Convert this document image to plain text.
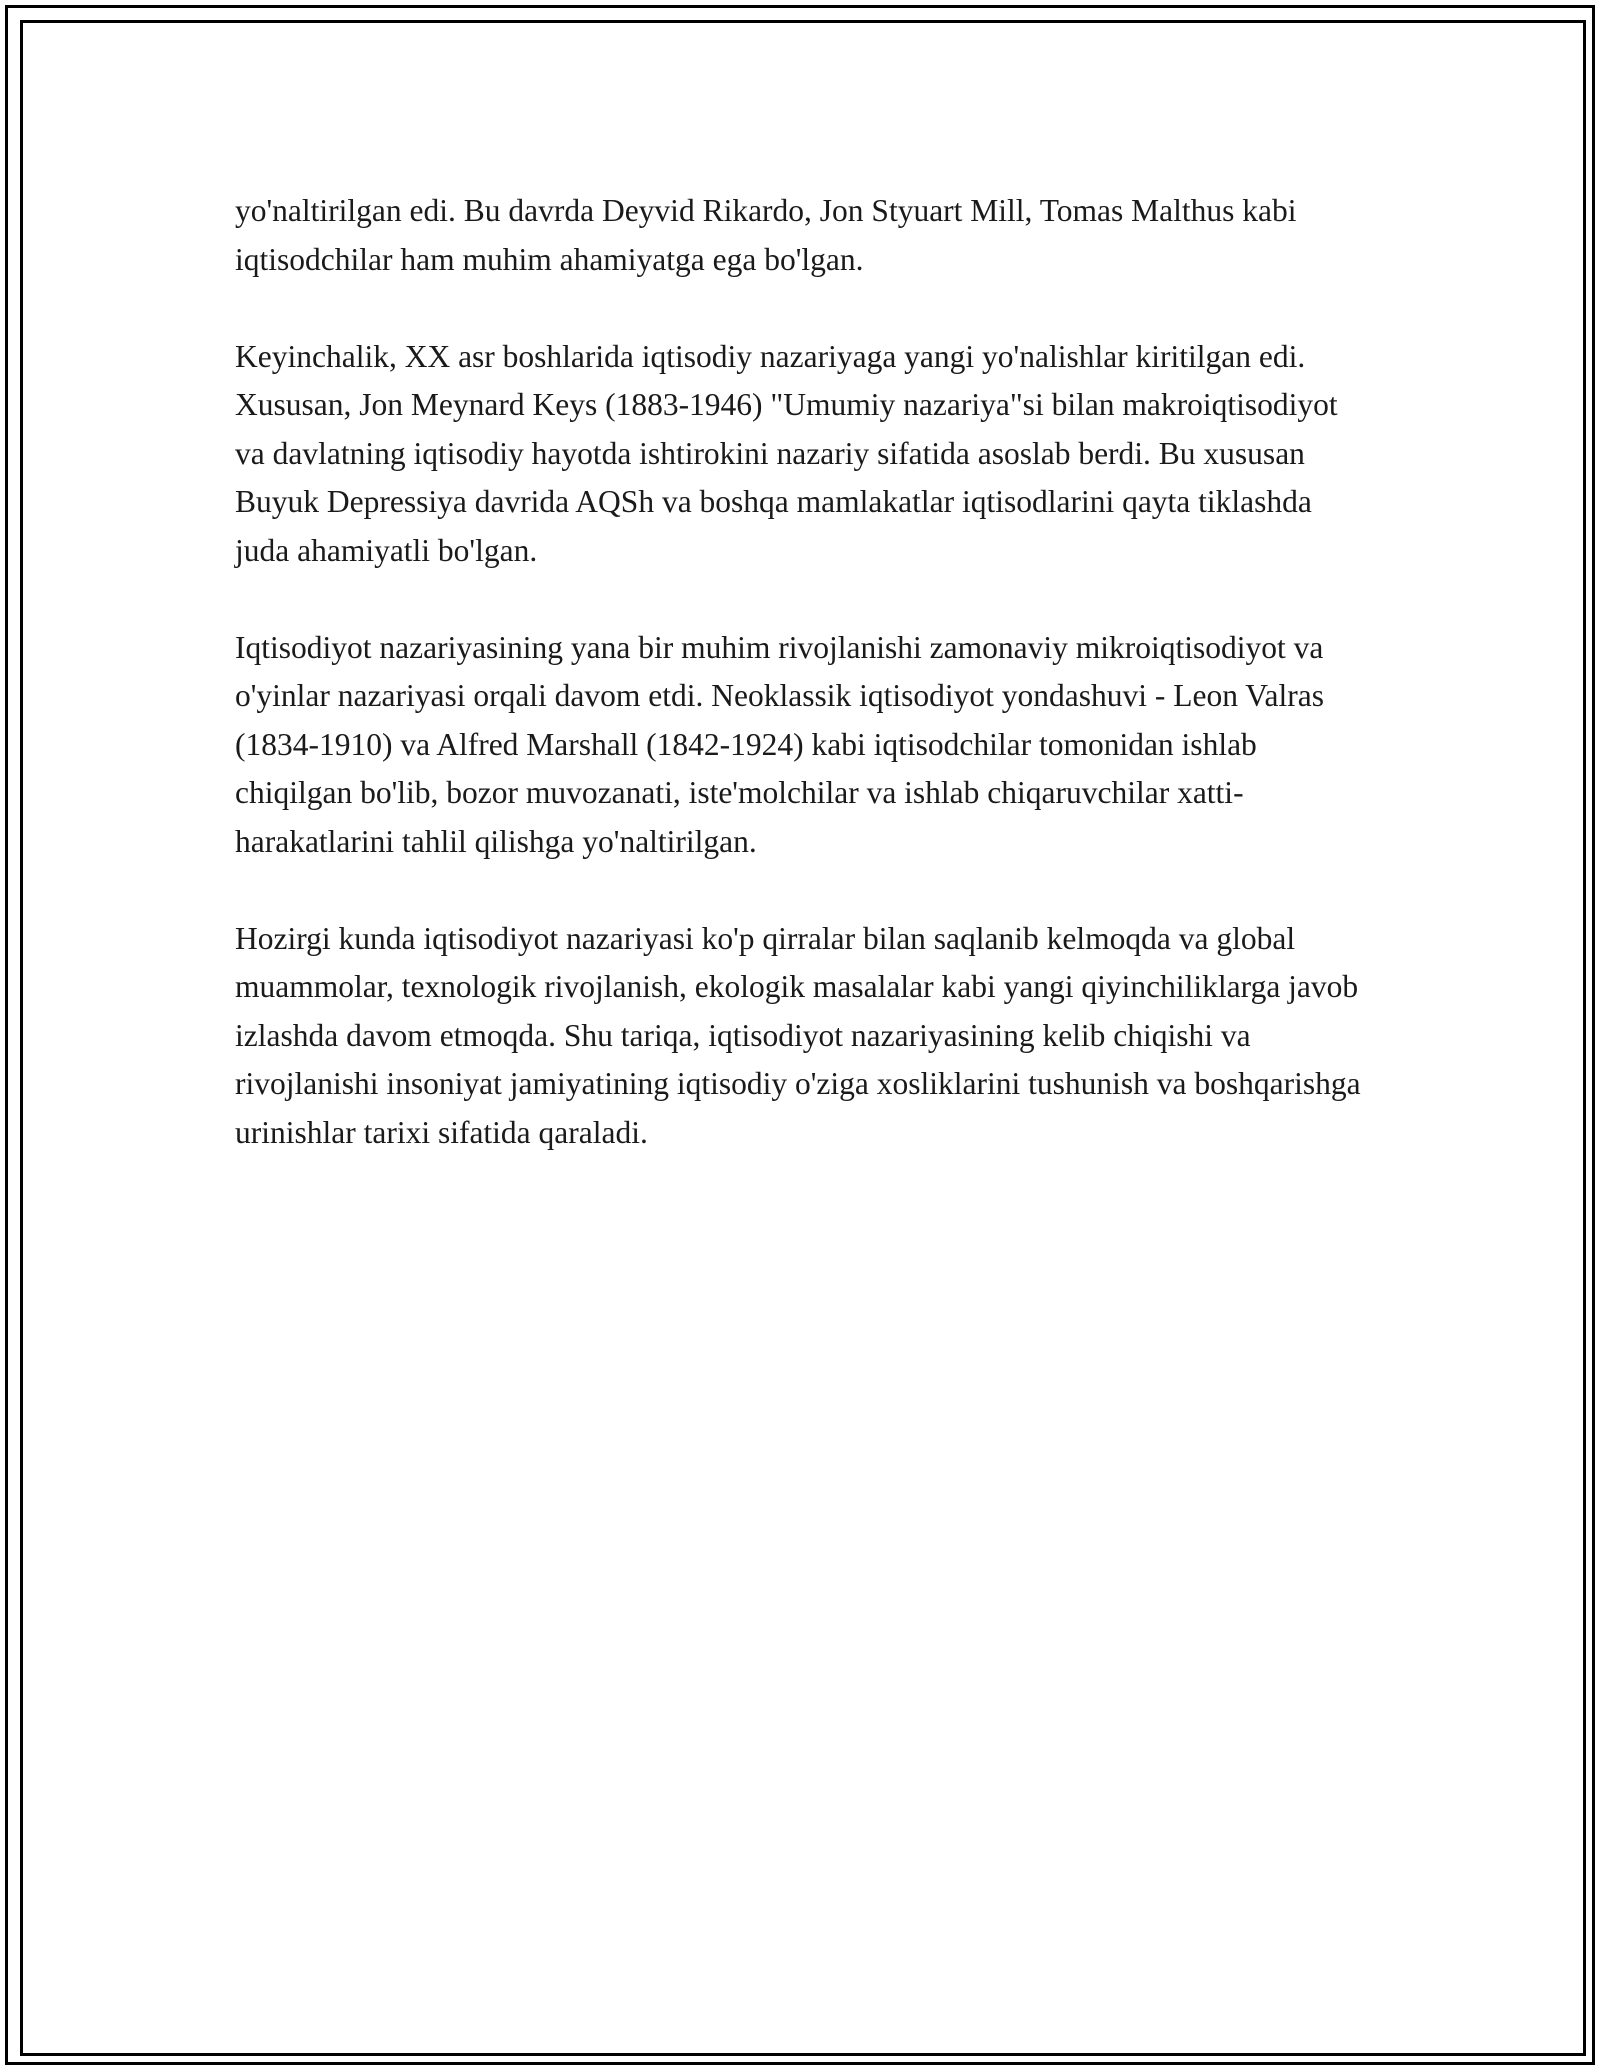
yo'naltirilgan edi. Bu davrda Deyvid Rikardo, Jon Styuart Mill, Tomas Malthus kabi iqtisodchilar ham muhim ahamiyatga ega bo'lgan.

Keyinchalik, XX asr boshlarida iqtisodiy nazariyaga yangi yo'nalishlar kiritilgan edi. Xususan, Jon Meynard Keys (1883-1946) "Umumiy nazariya"si bilan makroiqtisodiyot va davlatning iqtisodiy hayotda ishtirokini nazariy sifatida asoslab berdi. Bu xususan Buyuk Depressiya davrida AQSh va boshqa mamlakatlar iqtisodlarini qayta tiklashda juda ahamiyatli bo'lgan.

Iqtisodiyot nazariyasining yana bir muhim rivojlanishi zamonaviy mikroiqtisodiyot va o'yinlar nazariyasi orqali davom etdi. Neoklassik iqtisodiyot yondashuvi - Leon Valras (1834-1910) va Alfred Marshall (1842-1924) kabi iqtisodchilar tomonidan ishlab chiqilgan bo'lib, bozor muvozanati, iste'molchilar va ishlab chiqaruvchilar xatti-harakatlarini tahlil qilishga yo'naltirilgan.

Hozirgi kunda iqtisodiyot nazariyasi ko'p qirralar bilan saqlanib kelmoqda va global muammolar, texnologik rivojlanish, ekologik masalalar kabi yangi qiyinchiliklarga javob izlashda davom etmoqda. Shu tariqa, iqtisodiyot nazariyasining kelib chiqishi va rivojlanishi insoniyat jamiyatining iqtisodiy o'ziga xosliklarini tushunish va boshqarishga urinishlar tarixi sifatida qaraladi.
